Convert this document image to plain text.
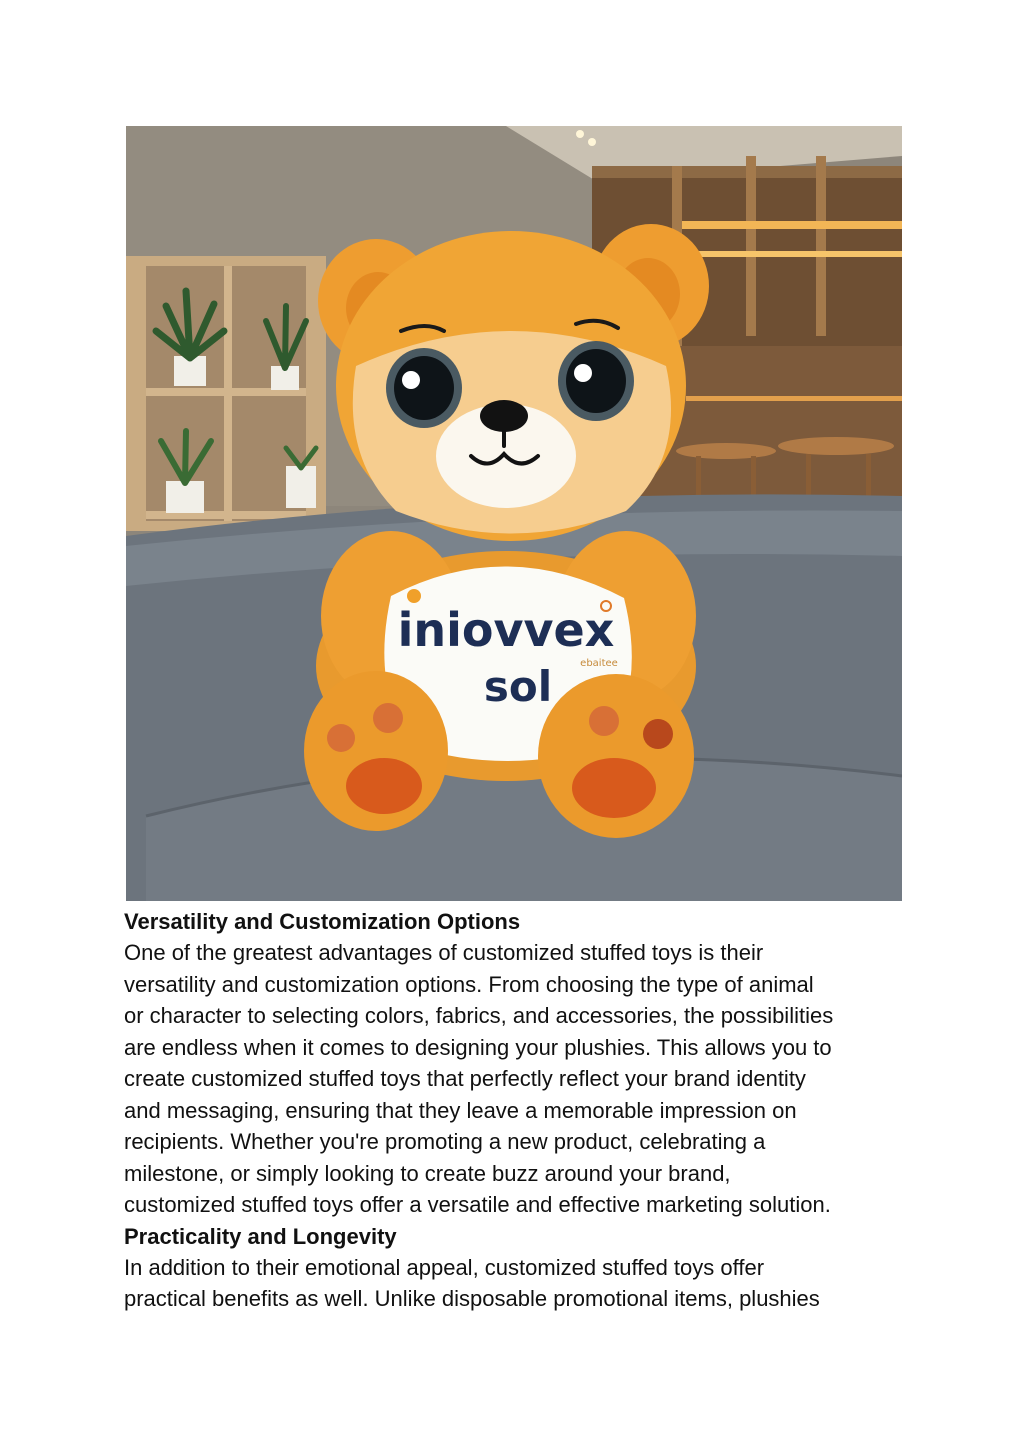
iniovvex
sol	ebaitee
Versatility and Customization Options

One of the greatest advantages of customized stuffed toys is their
versatility and customization options. From choosing the type of animal
or character to selecting colors, fabrics, and accessories, the possibilities
are endless when it comes to designing your plushies. This allows you to
create customized stuffed toys that perfectly reflect your brand identity
and messaging, ensuring that they leave a memorable impression on
recipients. Whether you're promoting a new product, celebrating a
milestone, or simply looking to create buzz around your brand,
customized stuffed toys offer a versatile and effective marketing solution.

Practicality and Longevity

In addition to their emotional appeal, customized stuffed toys offer
practical benefits as well. Unlike disposable promotional items, plushies
